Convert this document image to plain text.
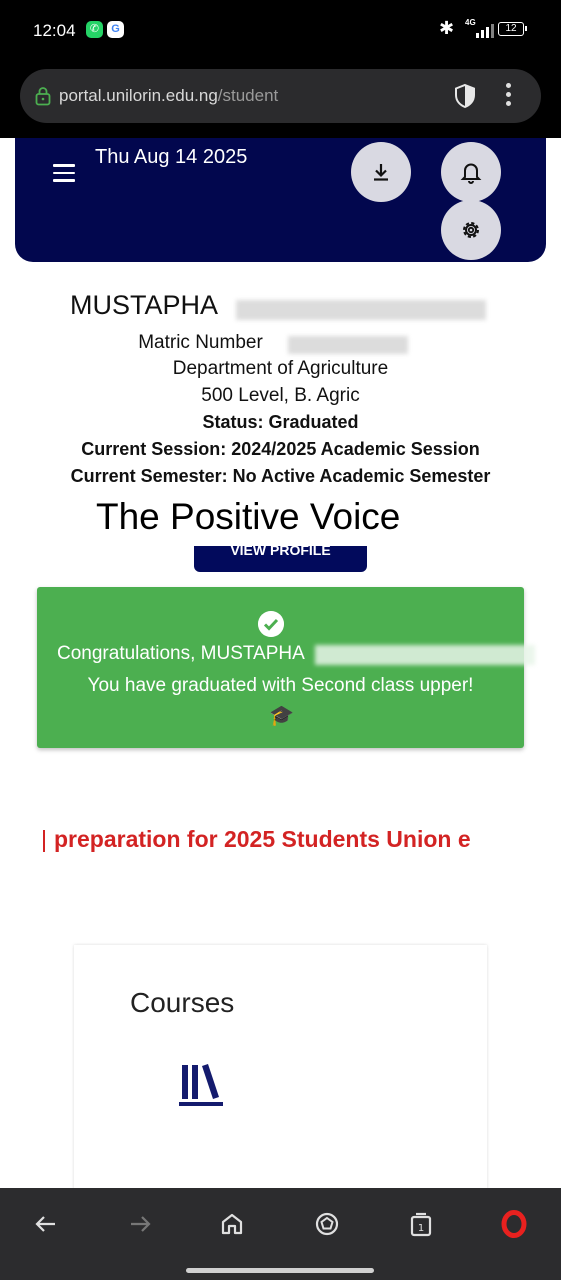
12:04	✆	G	✱ 4G
12
portal.unilorin.edu.ng/student
Thu Aug 14 2025
MUSTAPHA
Matric Number
Department of Agriculture
500 Level, B. Agric
Status: Graduated
Current Session: 2024/2025 Academic Session
Current Semester: No Active Academic Semester
The Positive Voice
VIEW PROFILE
Congratulations, MUSTAPHA
You have graduated with Second class upper!
🎓
preparation for 2025 Students Union e
Courses
1
